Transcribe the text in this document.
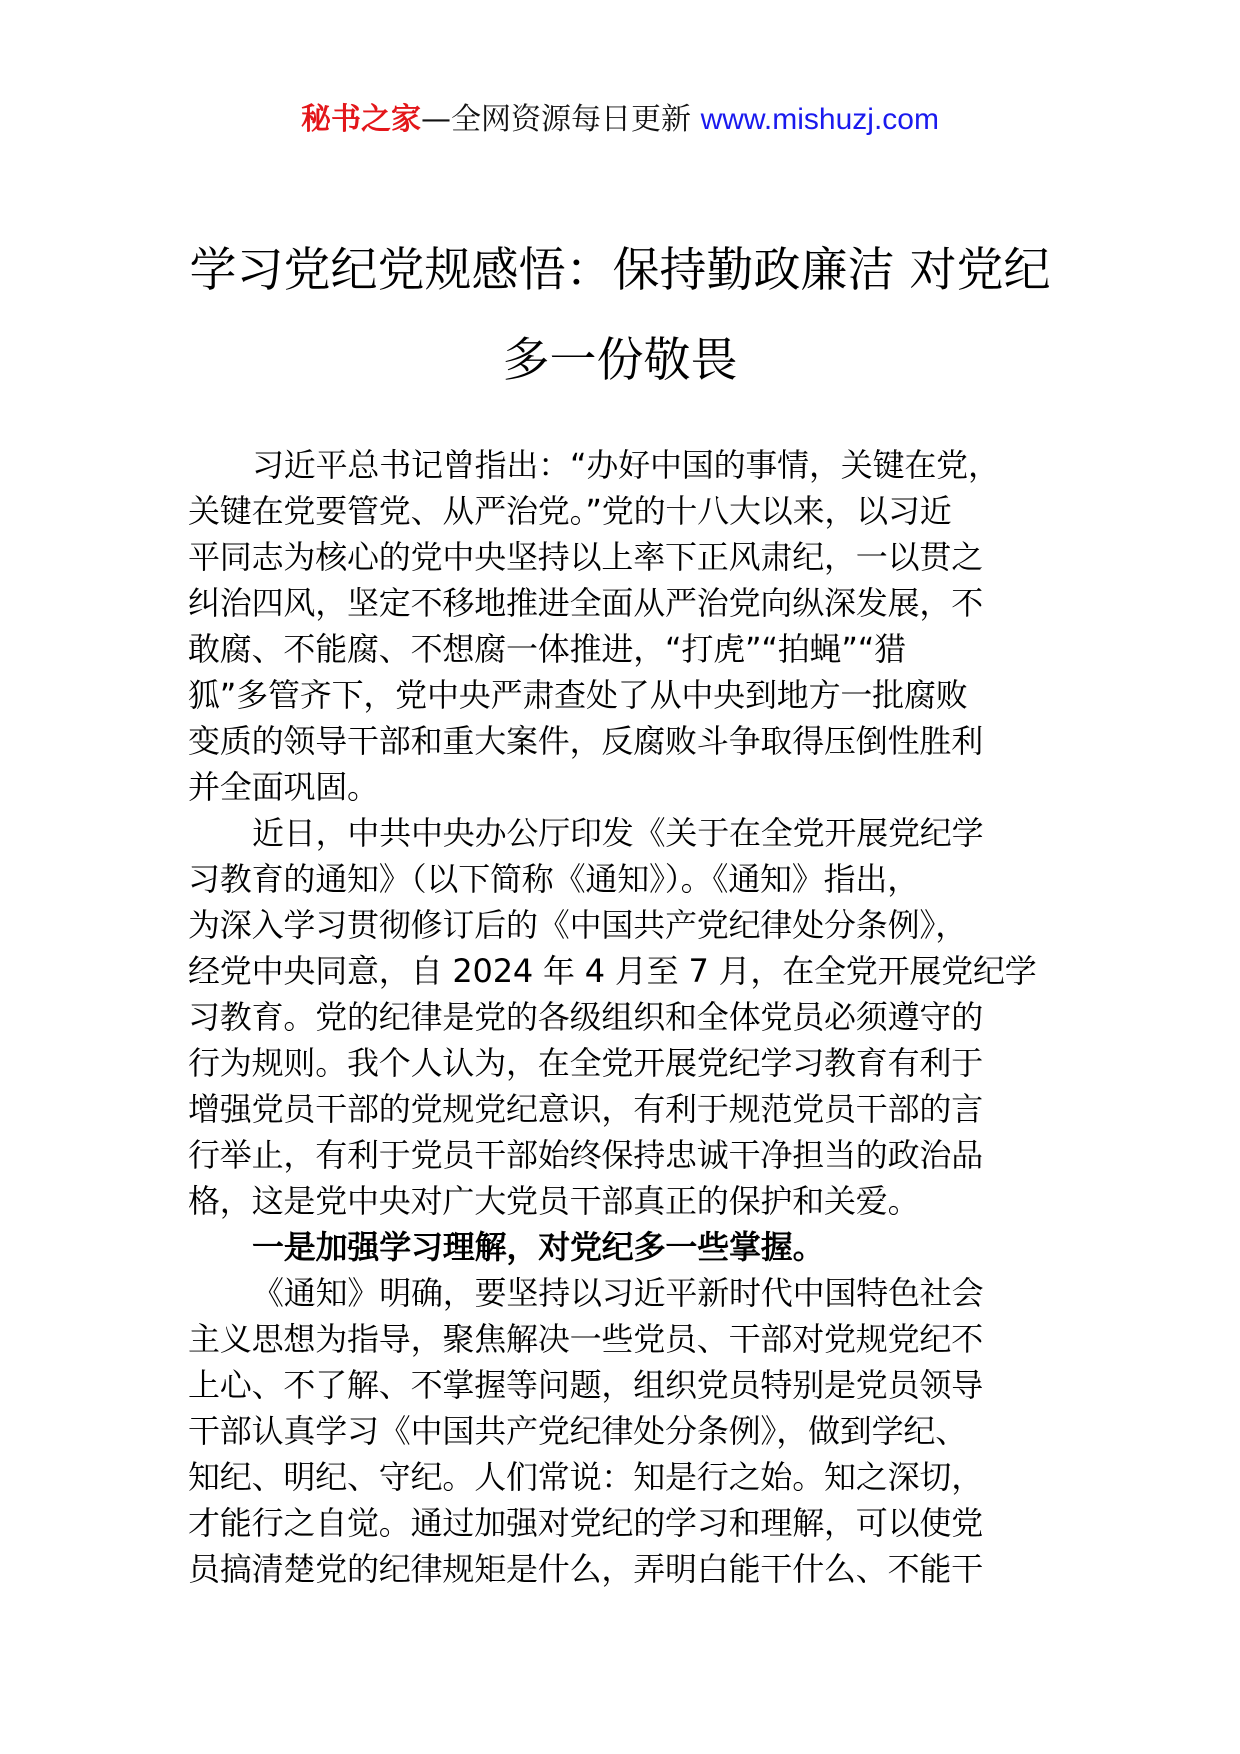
秘书之家—全网资源每日更新 www.mishuzj.com
学习党纪党规感悟：保持勤政廉洁 对党纪
多一份敬畏
习近平总书记曾指出：“办好中国的事情，关键在党，
关键在党要管党、从严治党。”党的十八大以来，以习近
平同志为核心的党中央坚持以上率下正风肃纪，一以贯之
纠治四风，坚定不移地推进全面从严治党向纵深发展，不
敢腐、不能腐、不想腐一体推进，“打虎”“拍蝇”“猎
狐”多管齐下，党中央严肃查处了从中央到地方一批腐败
变质的领导干部和重大案件，反腐败斗争取得压倒性胜利
并全面巩固。
近日，中共中央办公厅印发《关于在全党开展党纪学
习教育的通知》（以下简称《通知》）。《通知》指出，
为深入学习贯彻修订后的《中国共产党纪律处分条例》，
经党中央同意，自 2024 年 4 月至 7 月，在全党开展党纪学
习教育。党的纪律是党的各级组织和全体党员必须遵守的
行为规则。我个人认为，在全党开展党纪学习教育有利于
增强党员干部的党规党纪意识，有利于规范党员干部的言
行举止，有利于党员干部始终保持忠诚干净担当的政治品
格，这是党中央对广大党员干部真正的保护和关爱。
一是加强学习理解，对党纪多一些掌握。
《通知》明确，要坚持以习近平新时代中国特色社会
主义思想为指导，聚焦解决一些党员、干部对党规党纪不
上心、不了解、不掌握等问题，组织党员特别是党员领导
干部认真学习《中国共产党纪律处分条例》，做到学纪、
知纪、明纪、守纪。人们常说：知是行之始。知之深切，
才能行之自觉。通过加强对党纪的学习和理解，可以使党
员搞清楚党的纪律规矩是什么，弄明白能干什么、不能干
